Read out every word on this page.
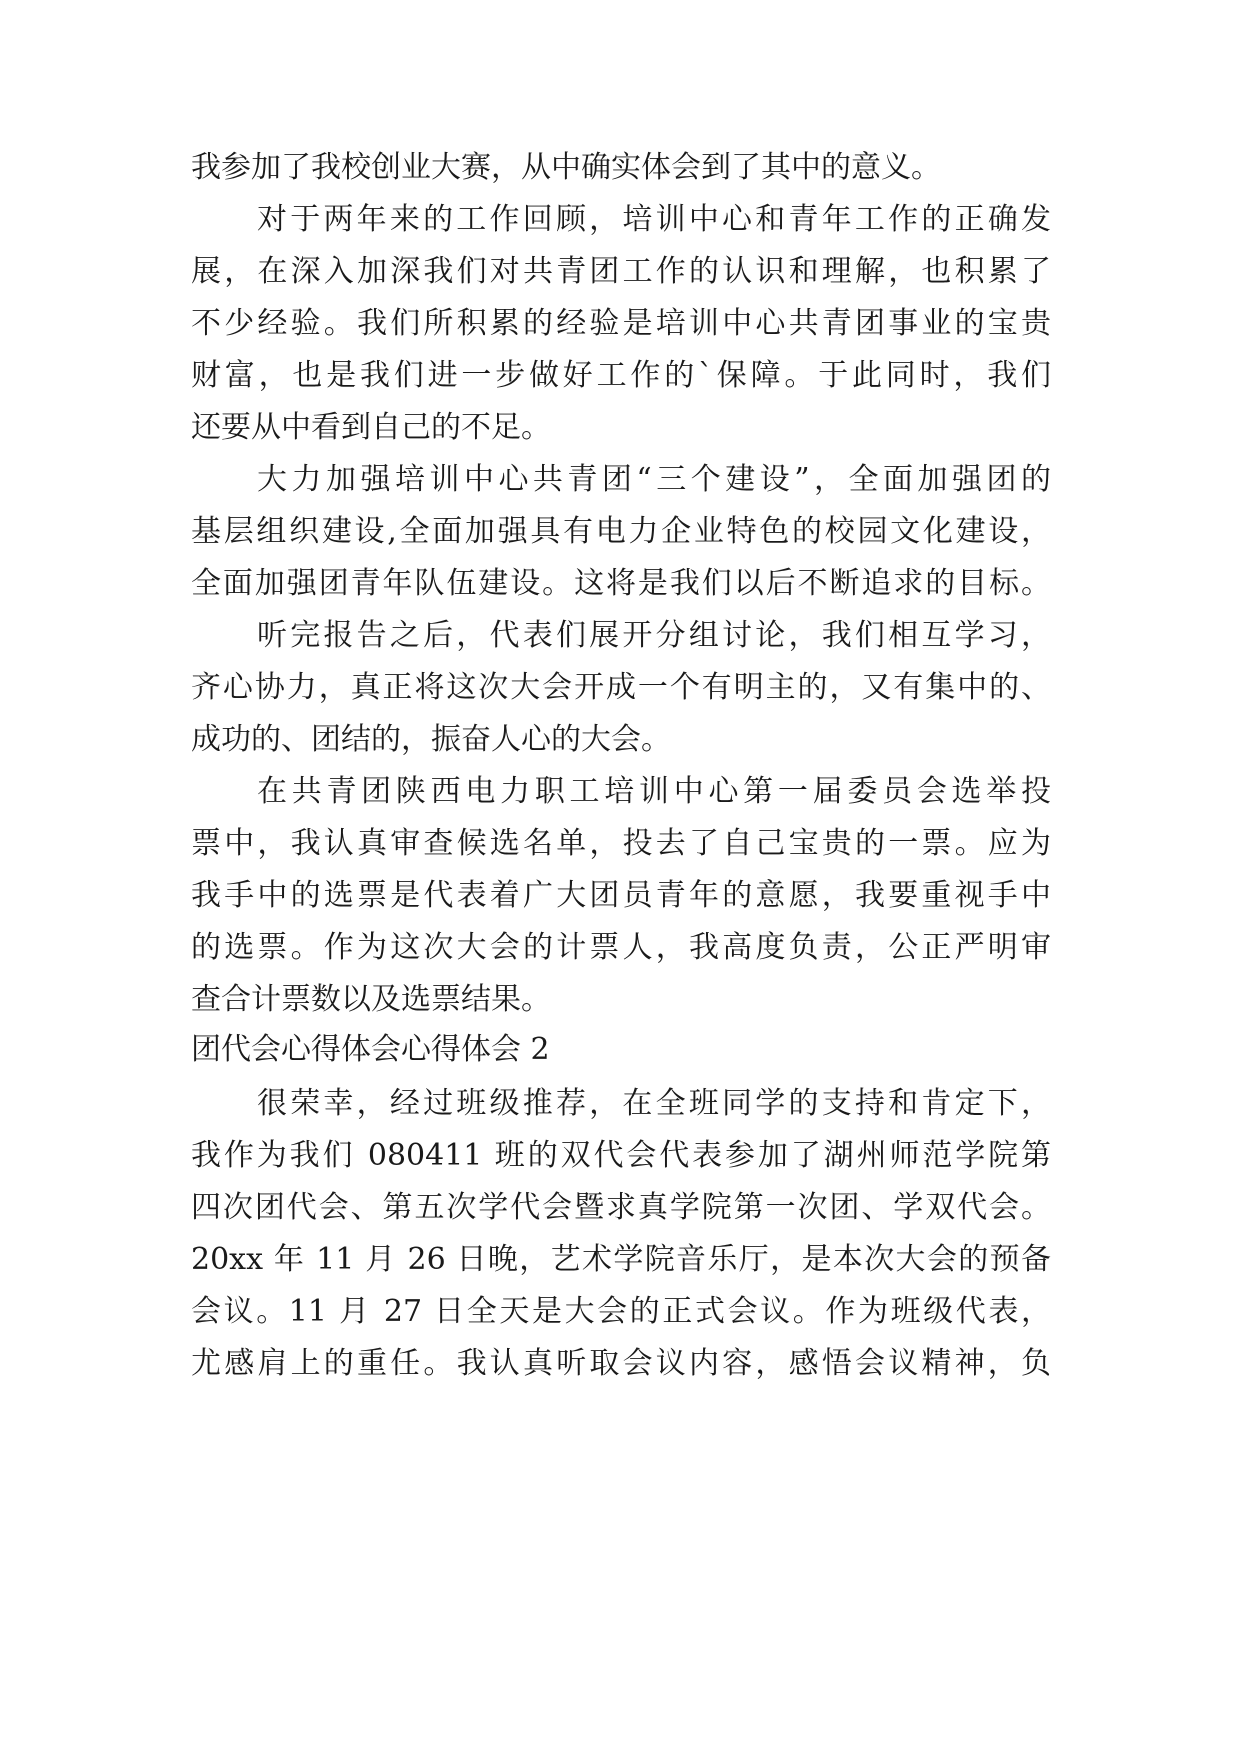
我参加了我校创业大赛，从中确实体会到了其中的意义。
对于两年来的工作回顾，培训中心和青年工作的正确发
展，在深入加深我们对共青团工作的认识和理解，也积累了
不少经验。我们所积累的经验是培训中心共青团事业的宝贵
财富，也是我们进一步做好工作的`保障。于此同时，我们
还要从中看到自己的不足。
大力加强培训中心共青团“三个建设”，全面加强团的
基层组织建设,全面加强具有电力企业特色的校园文化建设，
全面加强团青年队伍建设。这将是我们以后不断追求的目标。
听完报告之后，代表们展开分组讨论，我们相互学习，
齐心协力，真正将这次大会开成一个有明主的，又有集中的、
成功的、团结的，振奋人心的大会。
在共青团陕西电力职工培训中心第一届委员会选举投
票中，我认真审查候选名单，投去了自己宝贵的一票。应为
我手中的选票是代表着广大团员青年的意愿，我要重视手中
的选票。作为这次大会的计票人，我高度负责，公正严明审
查合计票数以及选票结果。
团代会心得体会心得体会 2
很荣幸，经过班级推荐，在全班同学的支持和肯定下，
我作为我们 080411 班的双代会代表参加了湖州师范学院第
四次团代会、第五次学代会暨求真学院第一次团、学双代会。
20xx 年 11 月 26 日晚，艺术学院音乐厅，是本次大会的预备
会议。11 月 27 日全天是大会的正式会议。作为班级代表，
尤感肩上的重任。我认真听取会议内容，感悟会议精神，负
